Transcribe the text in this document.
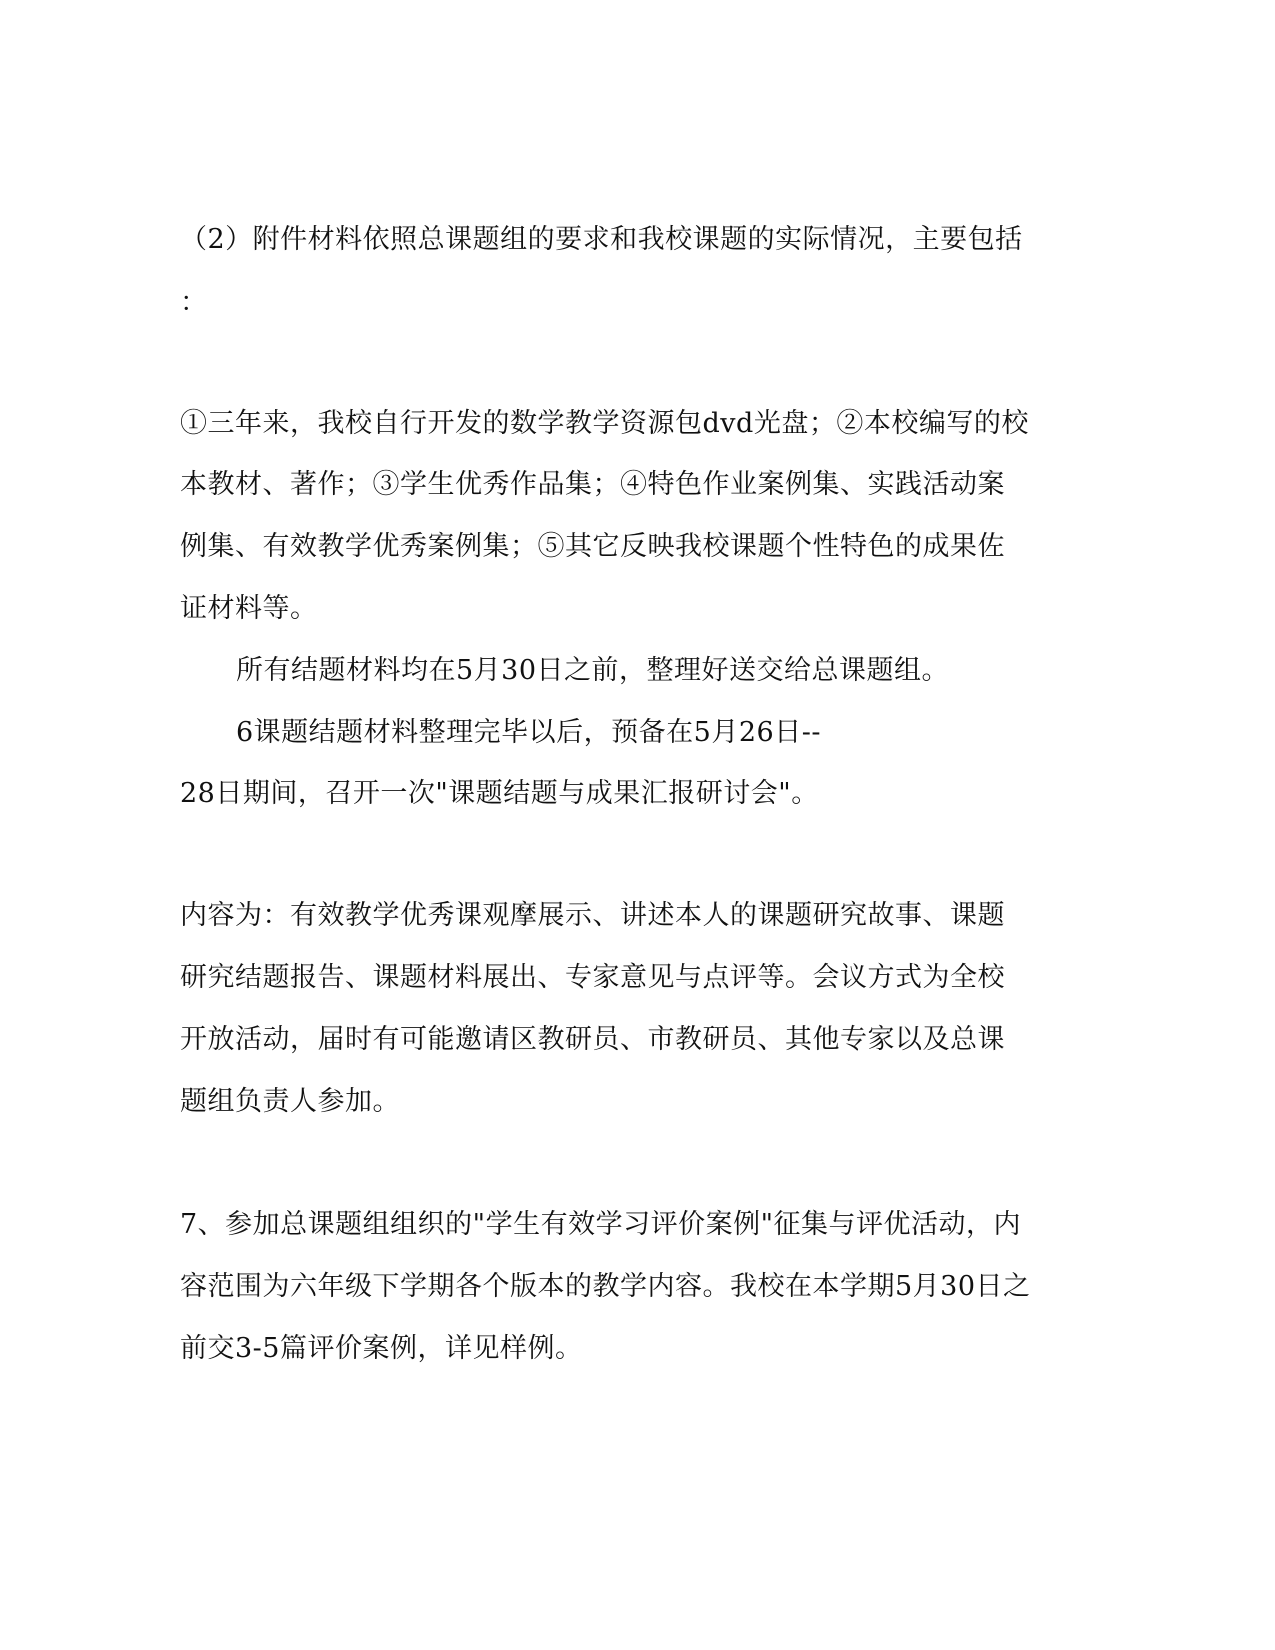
（2）附件材料依照总课题组的要求和我校课题的实际情况，主要包括
：
①三年来，我校自行开发的数学教学资源包dvd光盘；②本校编写的校
本教材、著作；③学生优秀作品集；④特色作业案例集、实践活动案
例集、有效教学优秀案例集；⑤其它反映我校课题个性特色的成果佐
证材料等。
所有结题材料均在5月30日之前，整理好送交给总课题组。
6课题结题材料整理完毕以后，预备在5月26日--
28日期间，召开一次"课题结题与成果汇报研讨会"。
内容为：有效教学优秀课观摩展示、讲述本人的课题研究故事、课题
研究结题报告、课题材料展出、专家意见与点评等。会议方式为全校
开放活动，届时有可能邀请区教研员、市教研员、其他专家以及总课
题组负责人参加。
7、参加总课题组组织的"学生有效学习评价案例"征集与评优活动，内
容范围为六年级下学期各个版本的教学内容。我校在本学期5月30日之
前交3-5篇评价案例，详见样例。
